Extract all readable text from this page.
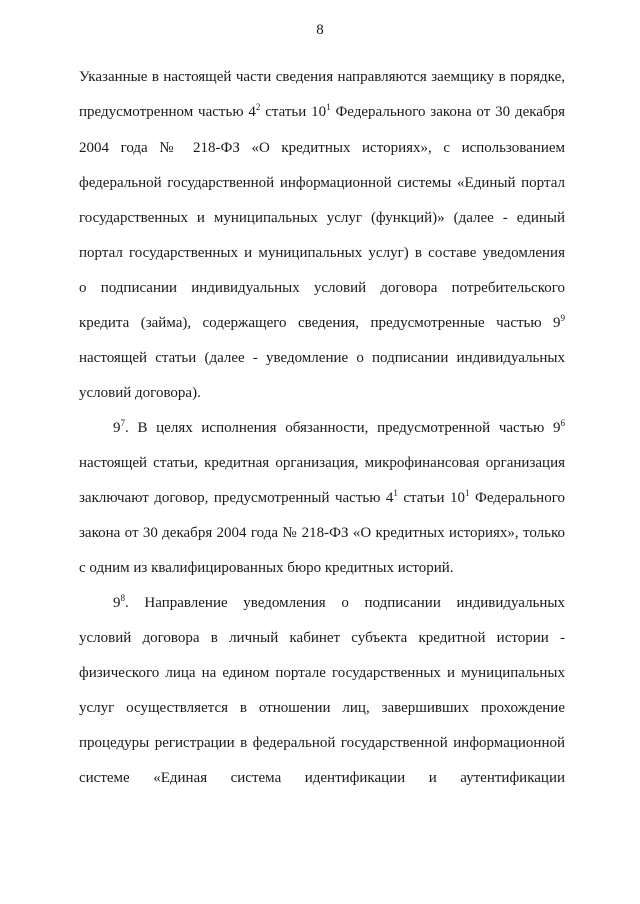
8
Указанные в настоящей части сведения направляются заемщику в порядке,
предусмотренном частью $4^2$ статьи $10^1$ Федерального закона от 30 декабря
2004 года № 218-ФЗ «О кредитных историях», с использованием
федеральной государственной информационной системы «Единый портал
государственных и муниципальных услуг (функций)» (далее - единый
портал государственных и муниципальных услуг) в составе уведомления
о подписании индивидуальных условий договора потребительского
кредита (займа), содержащего сведения, предусмотренные частью $9^9$
настоящей статьи (далее - уведомление о подписании индивидуальных
условий договора).
$9^7$. В целях исполнения обязанности, предусмотренной частью $9^6$
настоящей статьи, кредитная организация, микрофинансовая организация
заключают договор, предусмотренный частью $4^1$ статьи $10^1$ Федерального
закона от 30 декабря 2004 года № 218-ФЗ «О кредитных историях», только
с одним из квалифицированных бюро кредитных историй.
$9^8$. Направление уведомления о подписании индивидуальных
условий договора в личный кабинет субъекта кредитной истории -
физического лица на едином портале государственных и муниципальных
услуг осуществляется в отношении лиц, завершивших прохождение
процедуры регистрации в федеральной государственной информационной
системе «Единая система идентификации и аутентификации
